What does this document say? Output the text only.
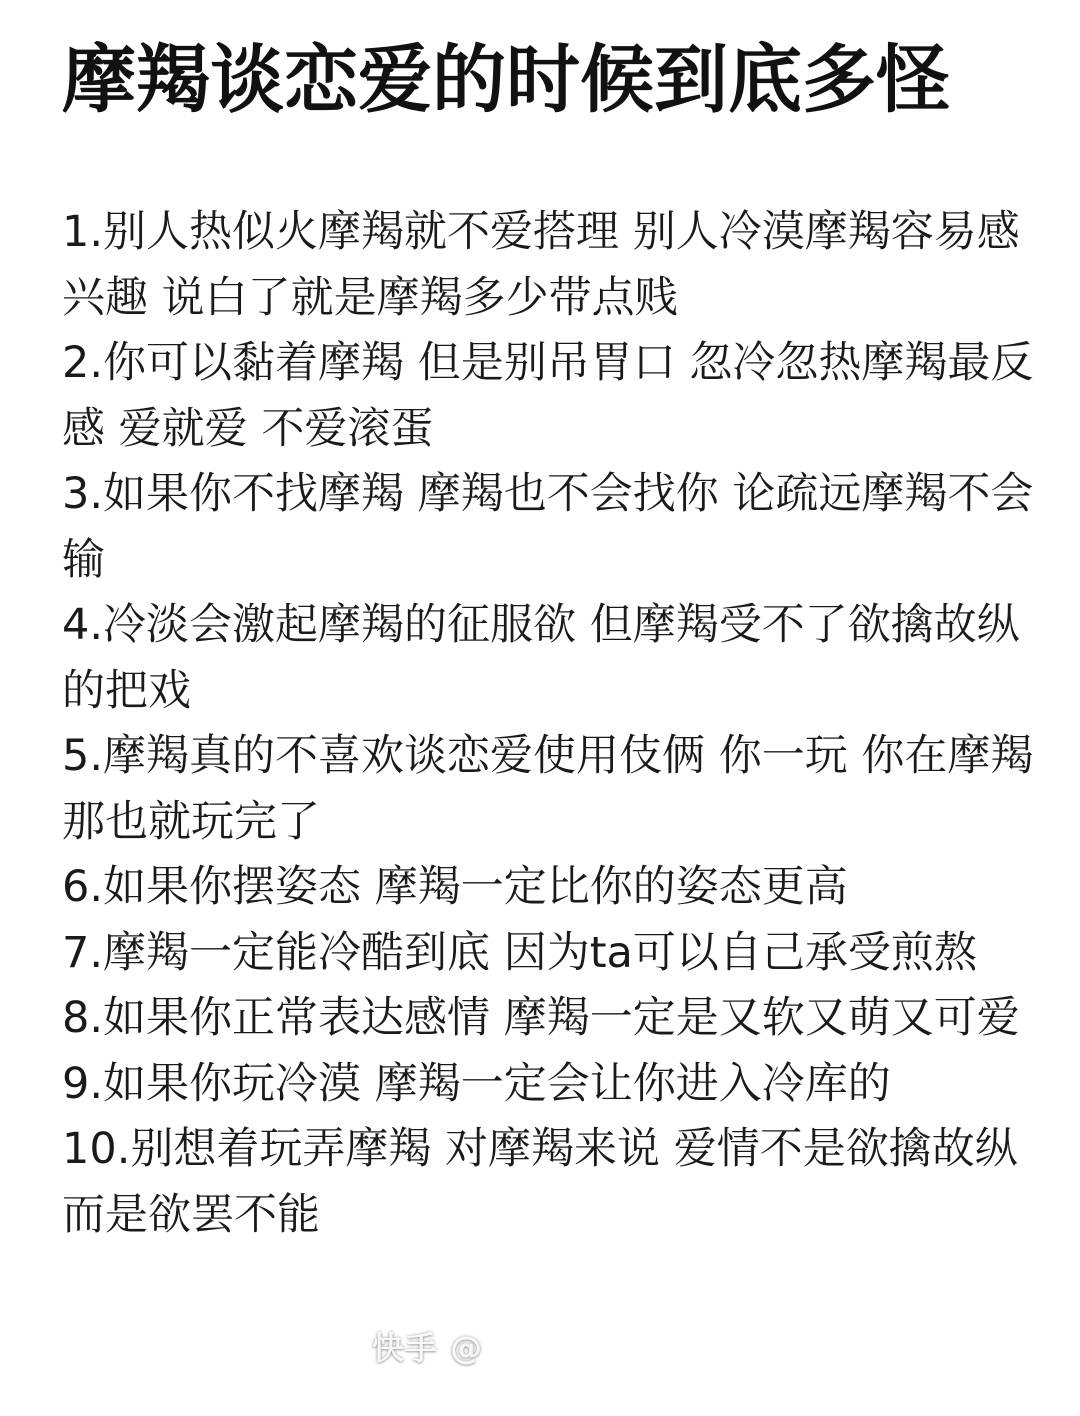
摩羯谈恋爱的时候到底多怪
1.别人热似火摩羯就不爱搭理 别人冷漠摩羯容易感兴趣 说白了就是摩羯多少带点贱
2.你可以黏着摩羯 但是别吊胃口 忽冷忽热摩羯最反感 爱就爱 不爱滚蛋
3.如果你不找摩羯 摩羯也不会找你 论疏远摩羯不会输
4.冷淡会激起摩羯的征服欲 但摩羯受不了欲擒故纵的把戏
5.摩羯真的不喜欢谈恋爱使用伎俩 你一玩 你在摩羯那也就玩完了
6.如果你摆姿态 摩羯一定比你的姿态更高
7.摩羯一定能冷酷到底 因为ta可以自己承受煎熬
8.如果你正常表达感情 摩羯一定是又软又萌又可爱
9.如果你玩冷漠 摩羯一定会让你进入冷库的
10.别想着玩弄摩羯 对摩羯来说 爱情不是欲擒故纵 而是欲罢不能
快手 @
